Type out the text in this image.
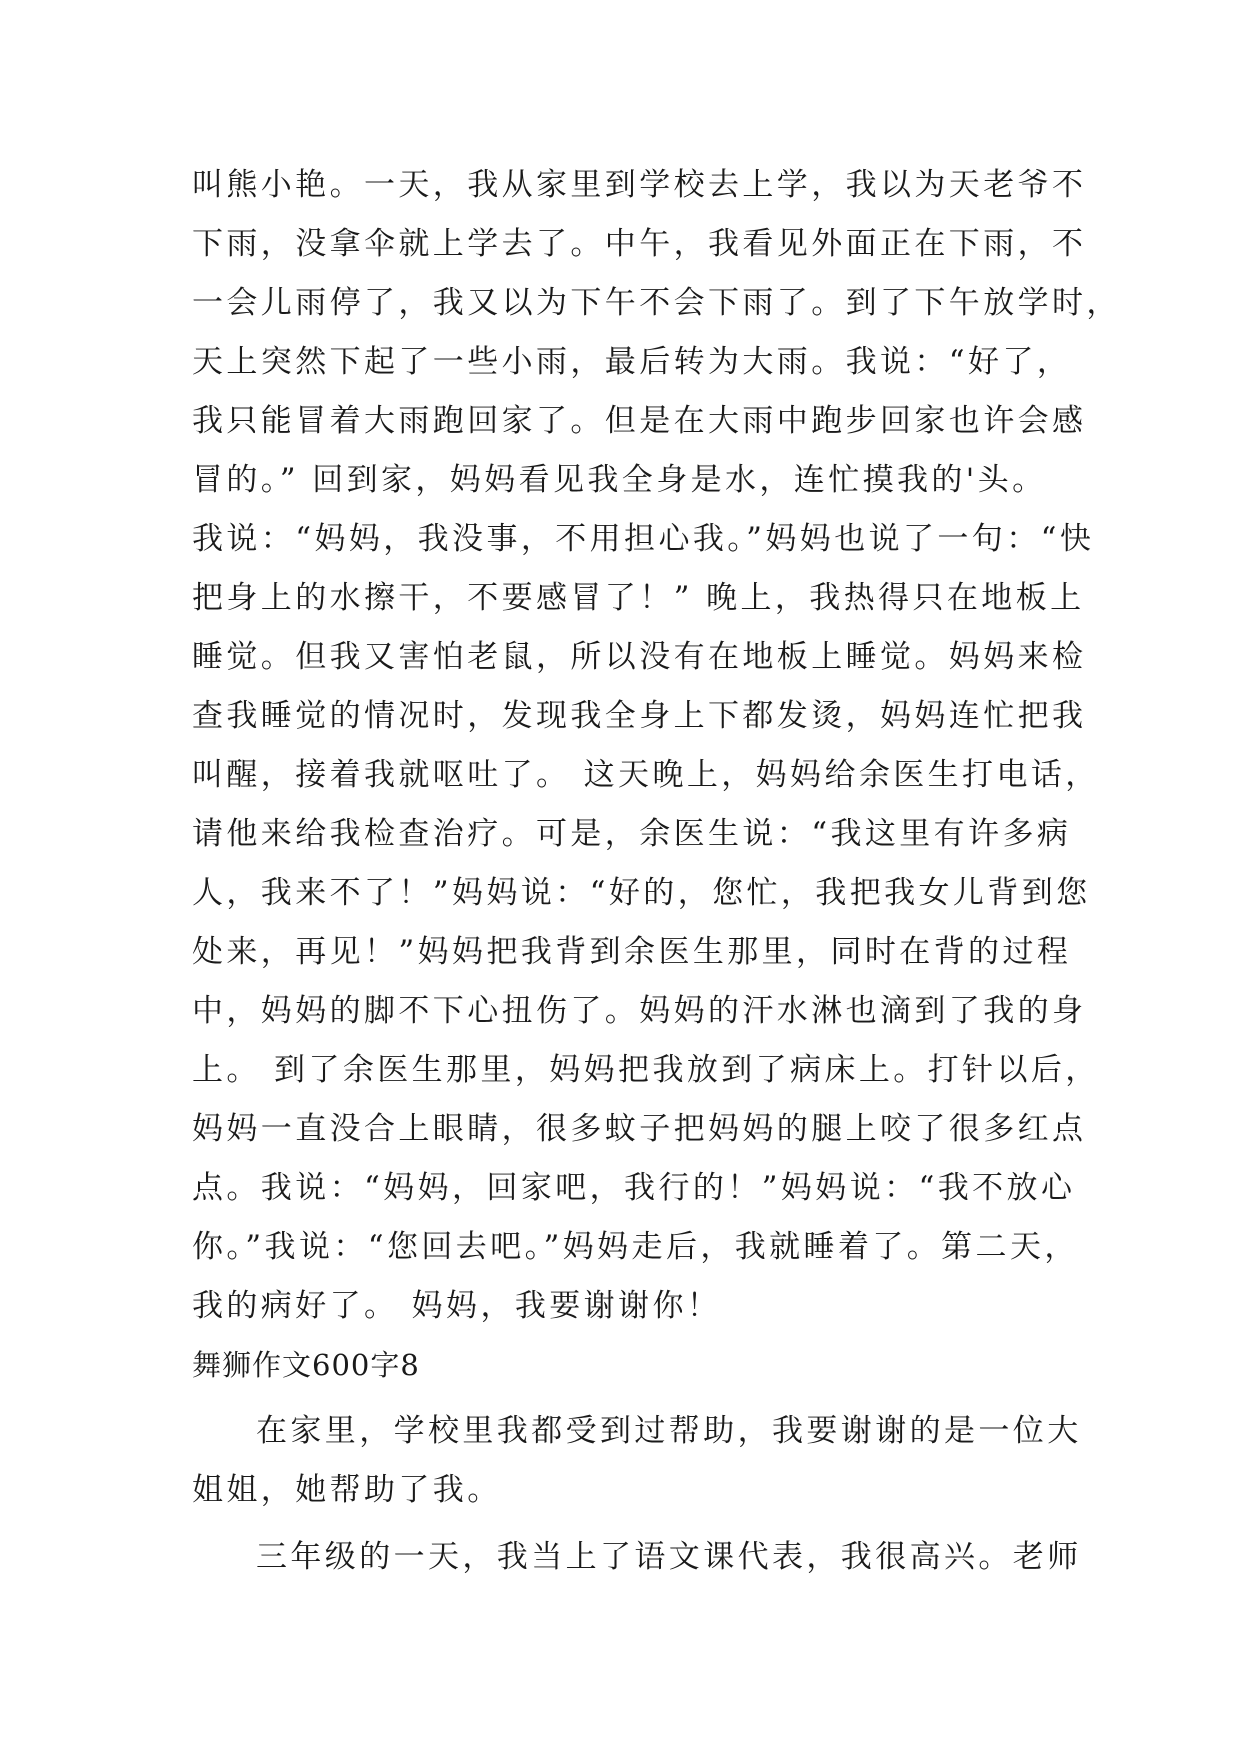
叫熊小艳。一天，我从家里到学校去上学，我以为天老爷不
下雨，没拿伞就上学去了。中午，我看见外面正在下雨，不
一会儿雨停了，我又以为下午不会下雨了。到了下午放学时，
天上突然下起了一些小雨，最后转为大雨。我说：“好了，
我只能冒着大雨跑回家了。但是在大雨中跑步回家也许会感
冒的。” 回到家，妈妈看见我全身是水，连忙摸我的'头。
我说：“妈妈，我没事，不用担心我。”妈妈也说了一句：“快
把身上的水擦干，不要感冒了！” 晚上，我热得只在地板上
睡觉。但我又害怕老鼠，所以没有在地板上睡觉。妈妈来检
查我睡觉的情况时，发现我全身上下都发烫，妈妈连忙把我
叫醒，接着我就呕吐了。 这天晚上，妈妈给余医生打电话，
请他来给我检查治疗。可是，余医生说：“我这里有许多病
人，我来不了！”妈妈说：“好的，您忙，我把我女儿背到您
处来，再见！”妈妈把我背到余医生那里，同时在背的过程
中，妈妈的脚不下心扭伤了。妈妈的汗水淋也滴到了我的身
上。 到了余医生那里，妈妈把我放到了病床上。打针以后，
妈妈一直没合上眼睛，很多蚊子把妈妈的腿上咬了很多红点
点。我说：“妈妈，回家吧，我行的！”妈妈说：“我不放心
你。”我说：“您回去吧。”妈妈走后，我就睡着了。第二天，
我的病好了。 妈妈，我要谢谢你！
舞狮作文600字8
在家里，学校里我都受到过帮助，我要谢谢的是一位大
姐姐，她帮助了我。
三年级的一天，我当上了语文课代表，我很高兴。老师
